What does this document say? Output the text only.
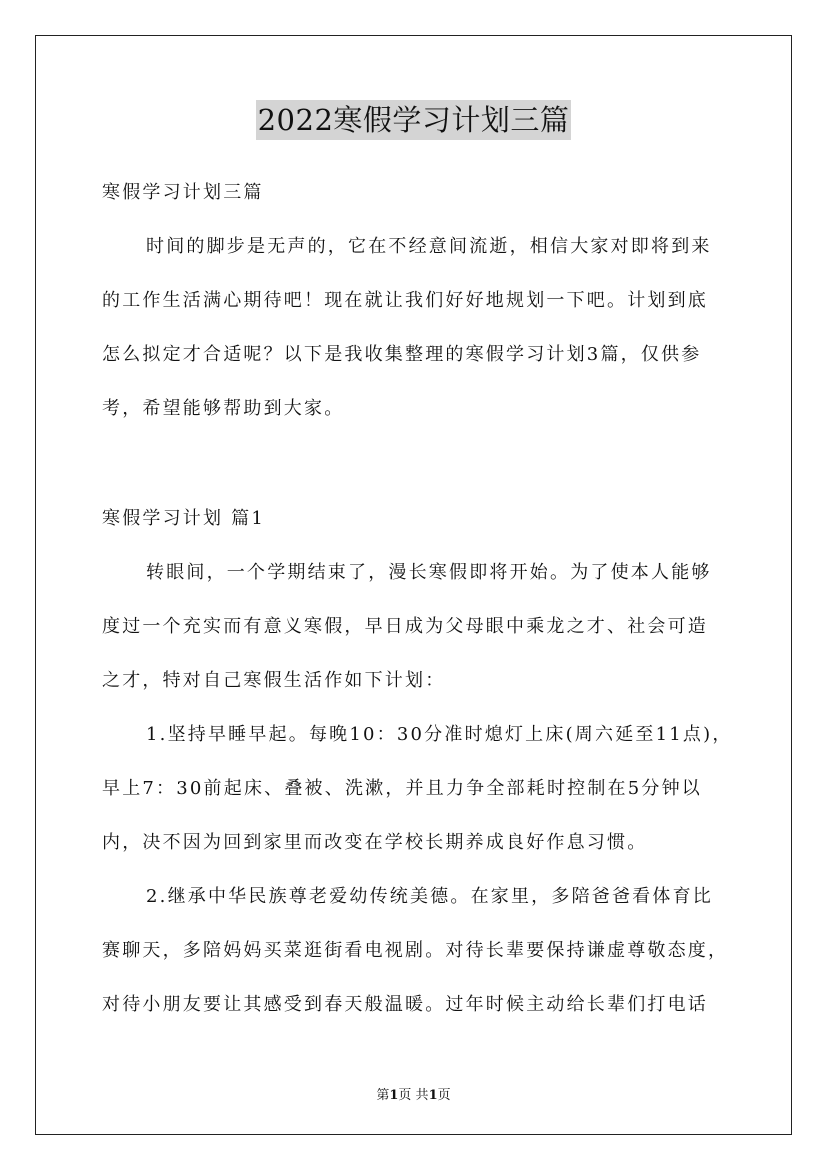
2022寒假学习计划三篇
寒假学习计划三篇
时间的脚步是无声的，它在不经意间流逝，相信大家对即将到来
的工作生活满心期待吧！现在就让我们好好地规划一下吧。计划到底
怎么拟定才合适呢？以下是我收集整理的寒假学习计划3篇，仅供参
考，希望能够帮助到大家。
寒假学习计划 篇1
转眼间，一个学期结束了，漫长寒假即将开始。为了使本人能够
度过一个充实而有意义寒假，早日成为父母眼中乘龙之才、社会可造
之才，特对自己寒假生活作如下计划：
1.坚持早睡早起。每晚10：30分准时熄灯上床(周六延至11点)，
早上7：30前起床、叠被、洗漱，并且力争全部耗时控制在5分钟以
内，决不因为回到家里而改变在学校长期养成良好作息习惯。
2.继承中华民族尊老爱幼传统美德。在家里，多陪爸爸看体育比
赛聊天，多陪妈妈买菜逛街看电视剧。对待长辈要保持谦虚尊敬态度，
对待小朋友要让其感受到春天般温暖。过年时候主动给长辈们打电话
第1页 共1页
